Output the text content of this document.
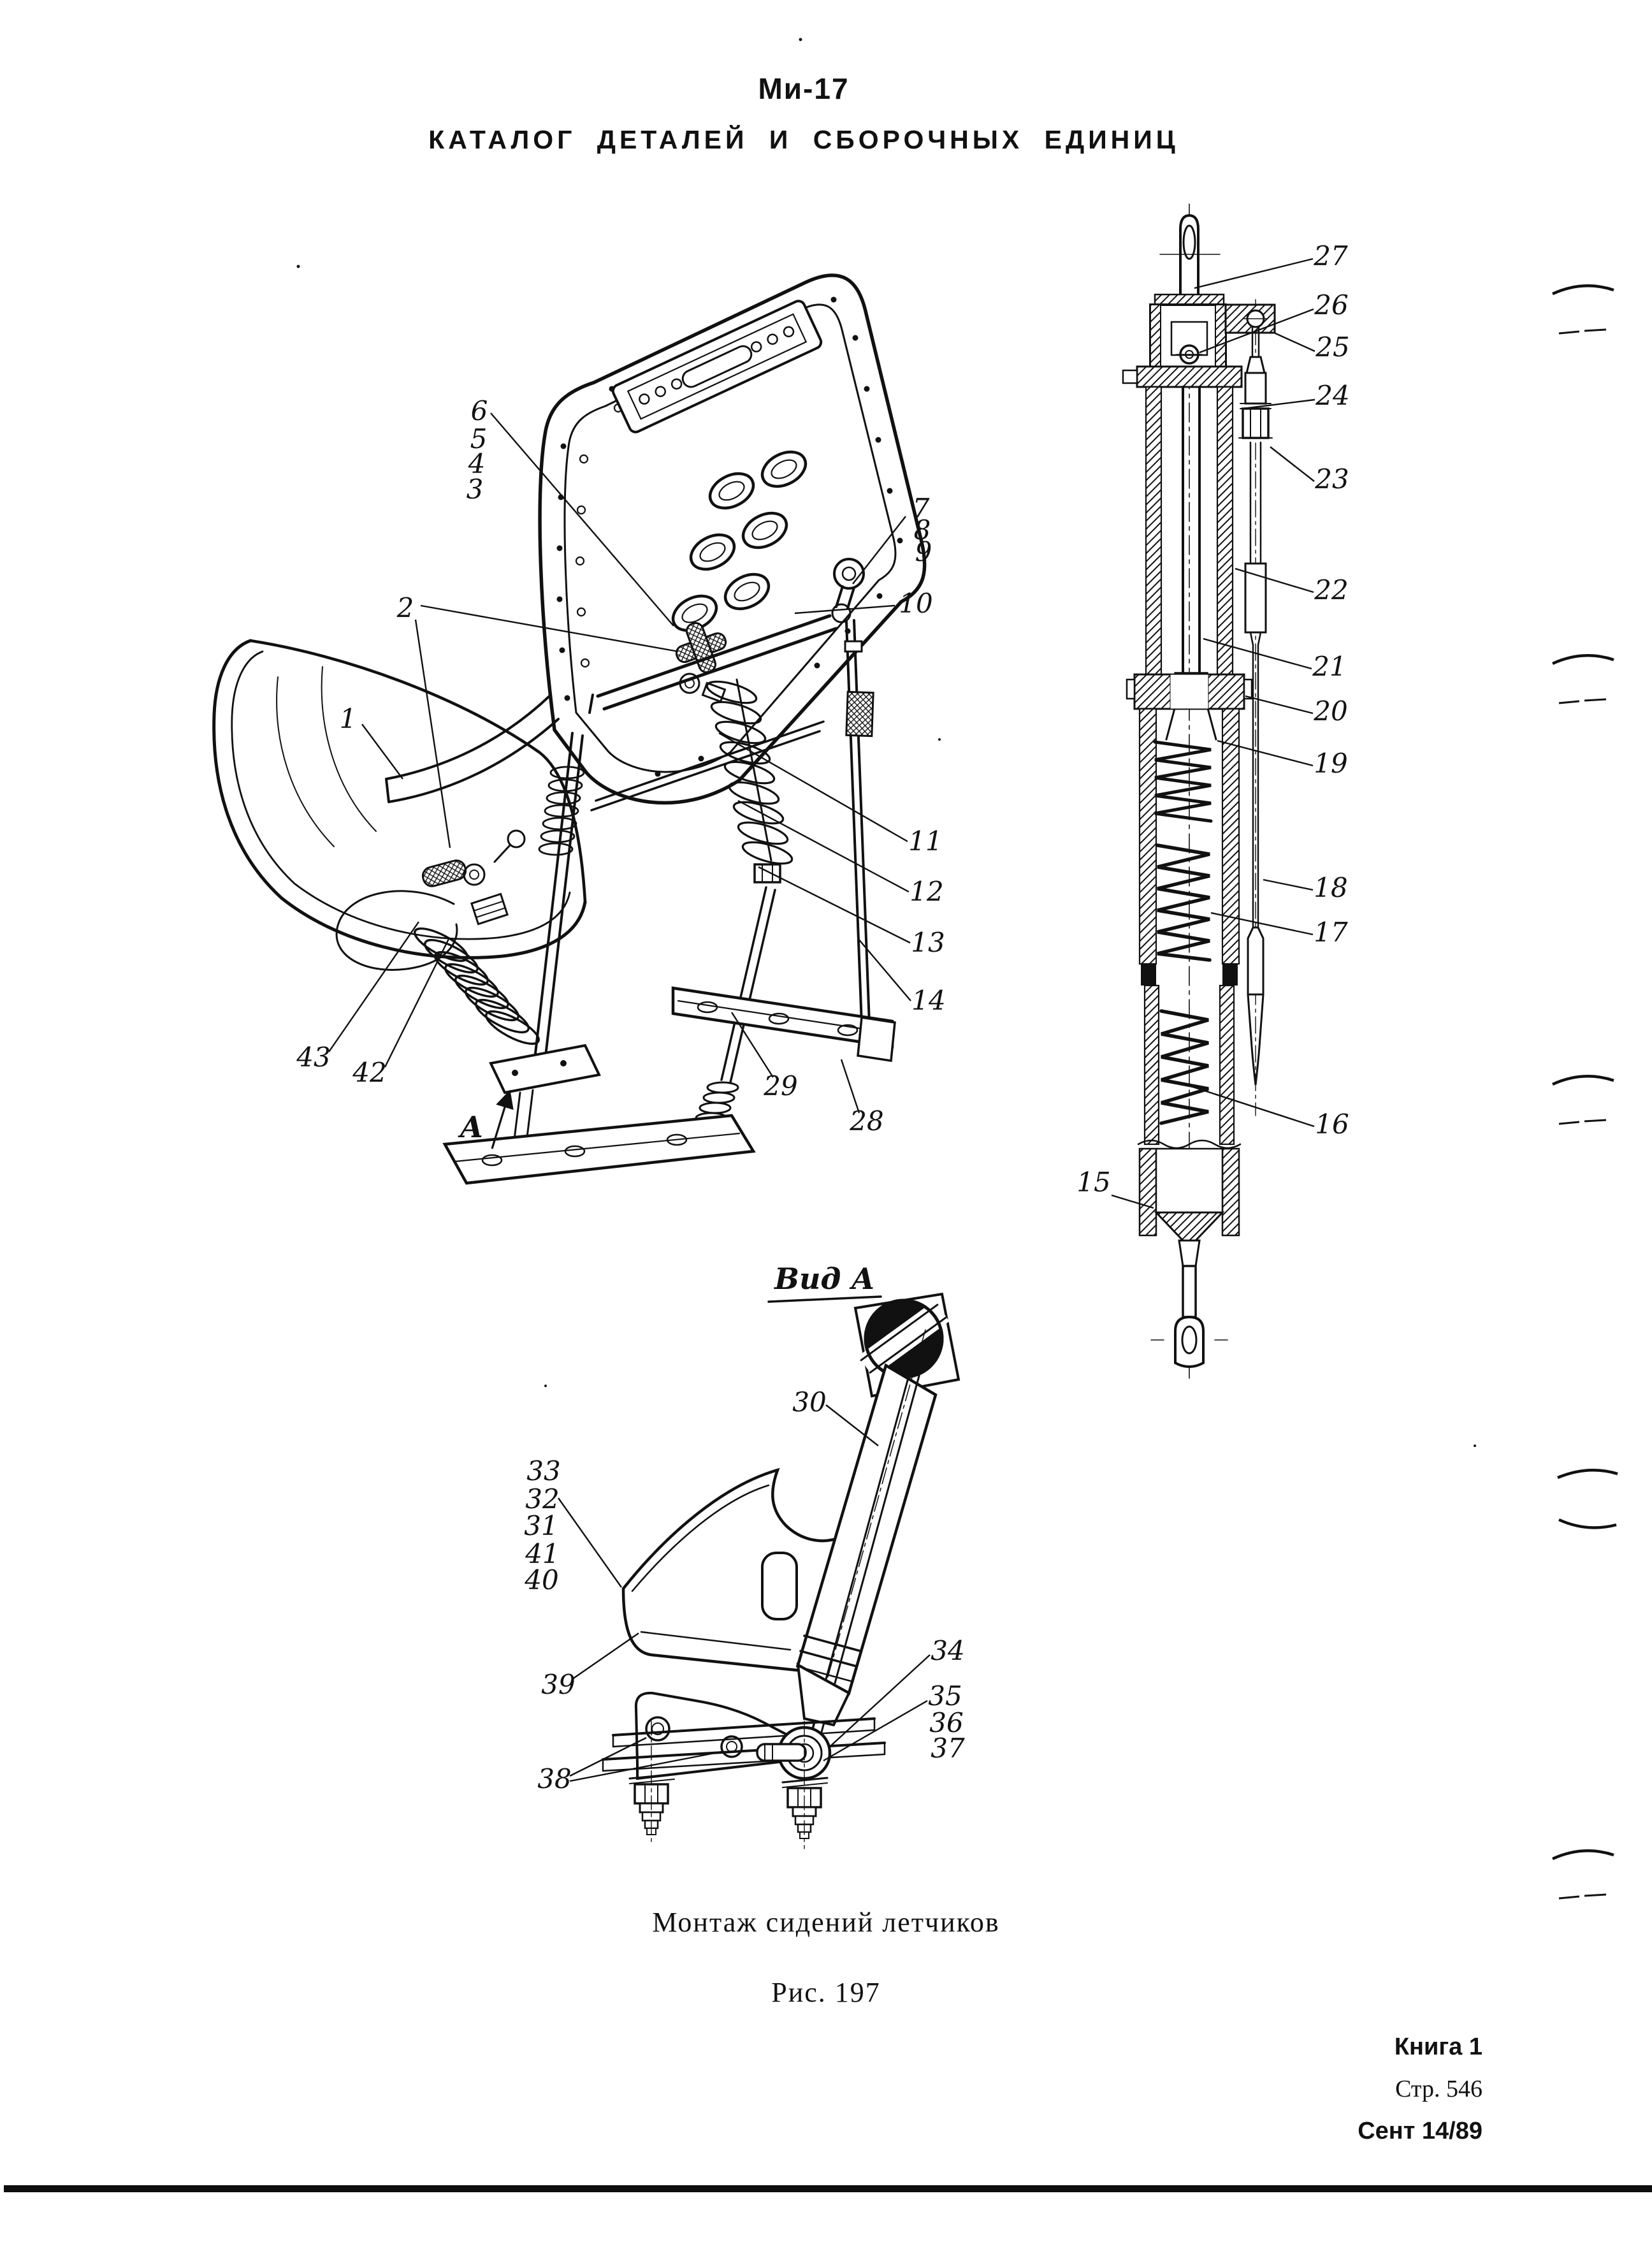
Ми-17
КАТАЛОГ ДЕТАЛЕЙ И СБОРОЧНЫХ ЕДИНИЦ
Вид А
6
5
4
3
2
1
7
8
9
10
11
12
13
14
29
28
43 42
27
26
25
24
23
22
21
20
19
18
17
16
15
30
33
32
31
41
40
39
38
34
35
36
37
А
Монтаж сидений летчиков
Рис. 197
Книга 1
Стр. 546
Сент 14/89
